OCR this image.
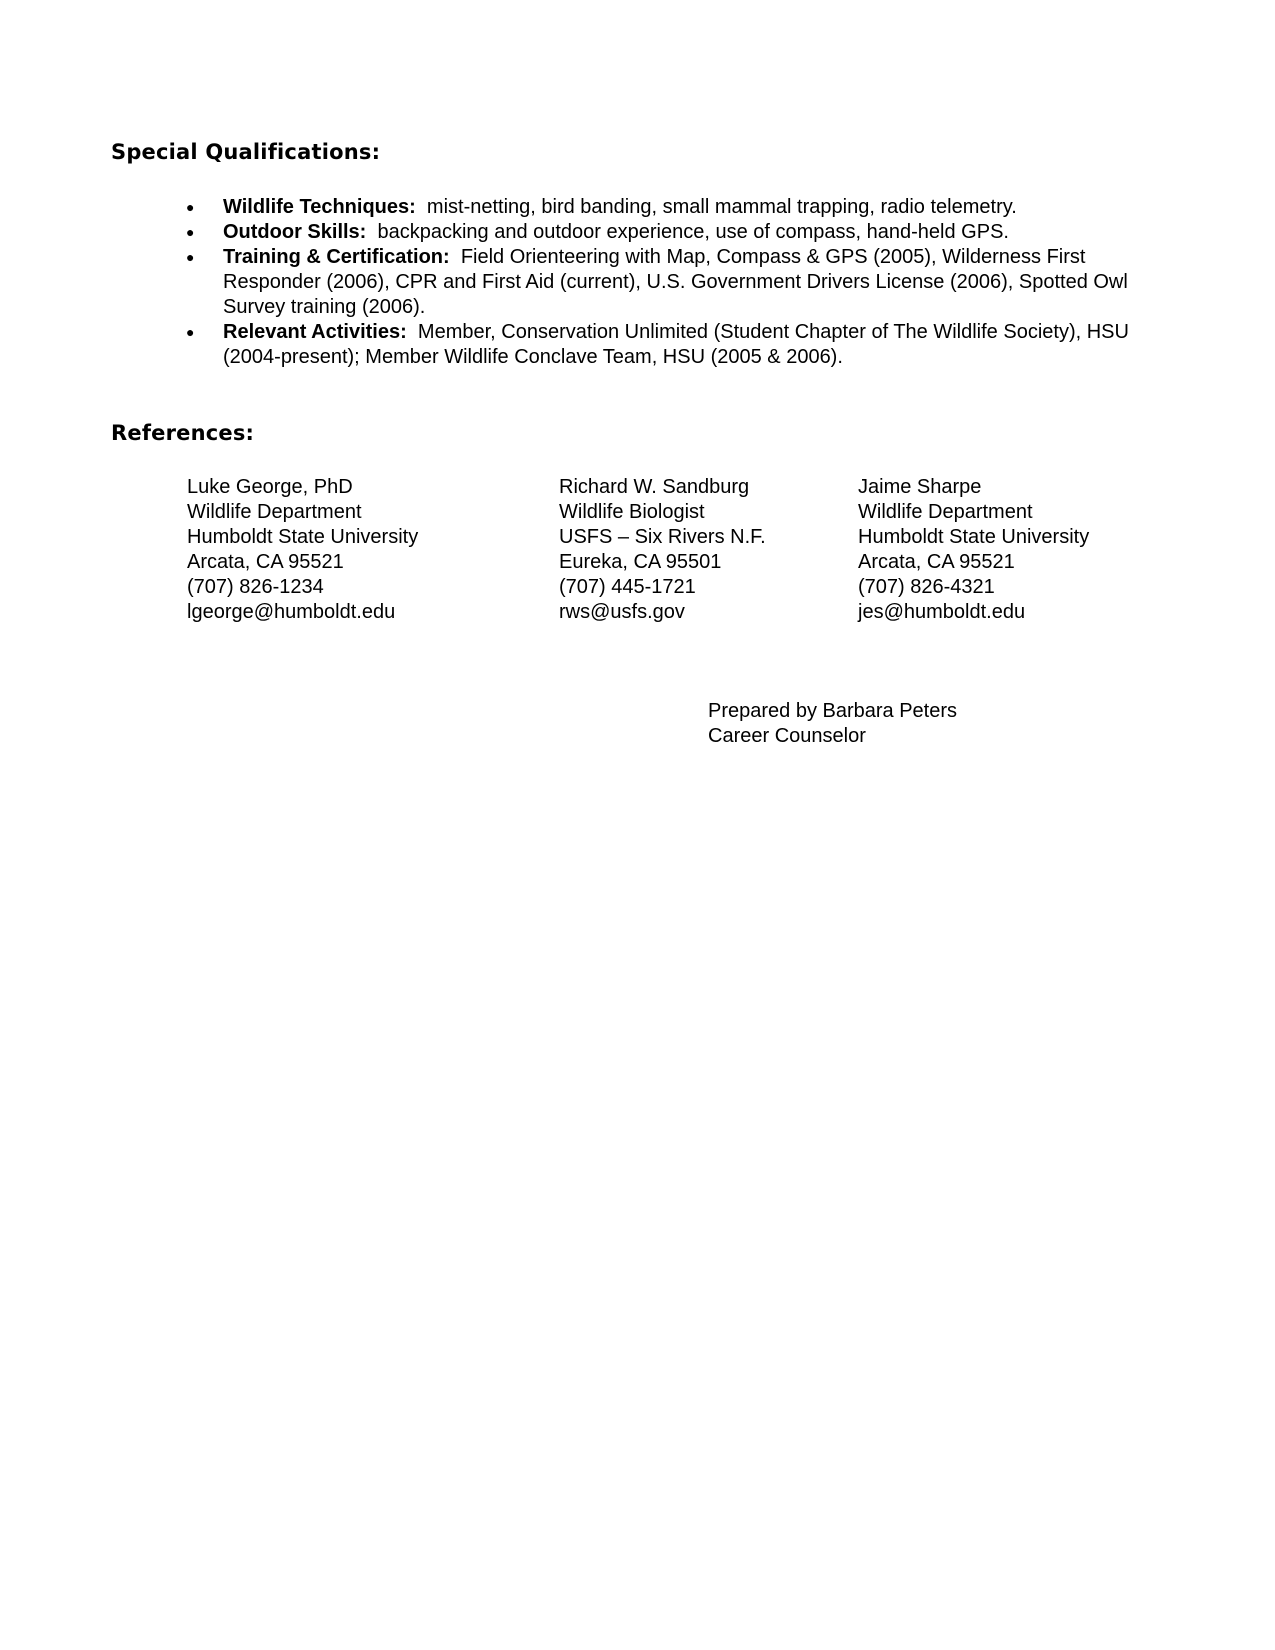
Special Qualifications:
● Wildlife Techniques: mist-netting, bird banding, small mammal trapping, radio telemetry.
● Outdoor Skills: backpacking and outdoor experience, use of compass, hand-held GPS.
● Training & Certification: Field Orienteering with Map, Compass & GPS (2005), Wilderness First Responder (2006), CPR and First Aid (current), U.S. Government Drivers License (2006), Spotted Owl Survey training (2006).
● Relevant Activities: Member, Conservation Unlimited (Student Chapter of The Wildlife Society), HSU (2004-present); Member Wildlife Conclave Team, HSU (2005 & 2006).
References:
Luke George, PhD
Wildlife Department
Humboldt State University
Arcata, CA 95521
(707) 826-1234
lgeorge@humboldt.edu
Richard W. Sandburg
Wildlife Biologist
USFS – Six Rivers N.F.
Eureka, CA 95501
(707) 445-1721
rws@usfs.gov
Jaime Sharpe
Wildlife Department
Humboldt State University
Arcata, CA 95521
(707) 826-4321
jes@humboldt.edu
Prepared by Barbara Peters
Career Counselor
